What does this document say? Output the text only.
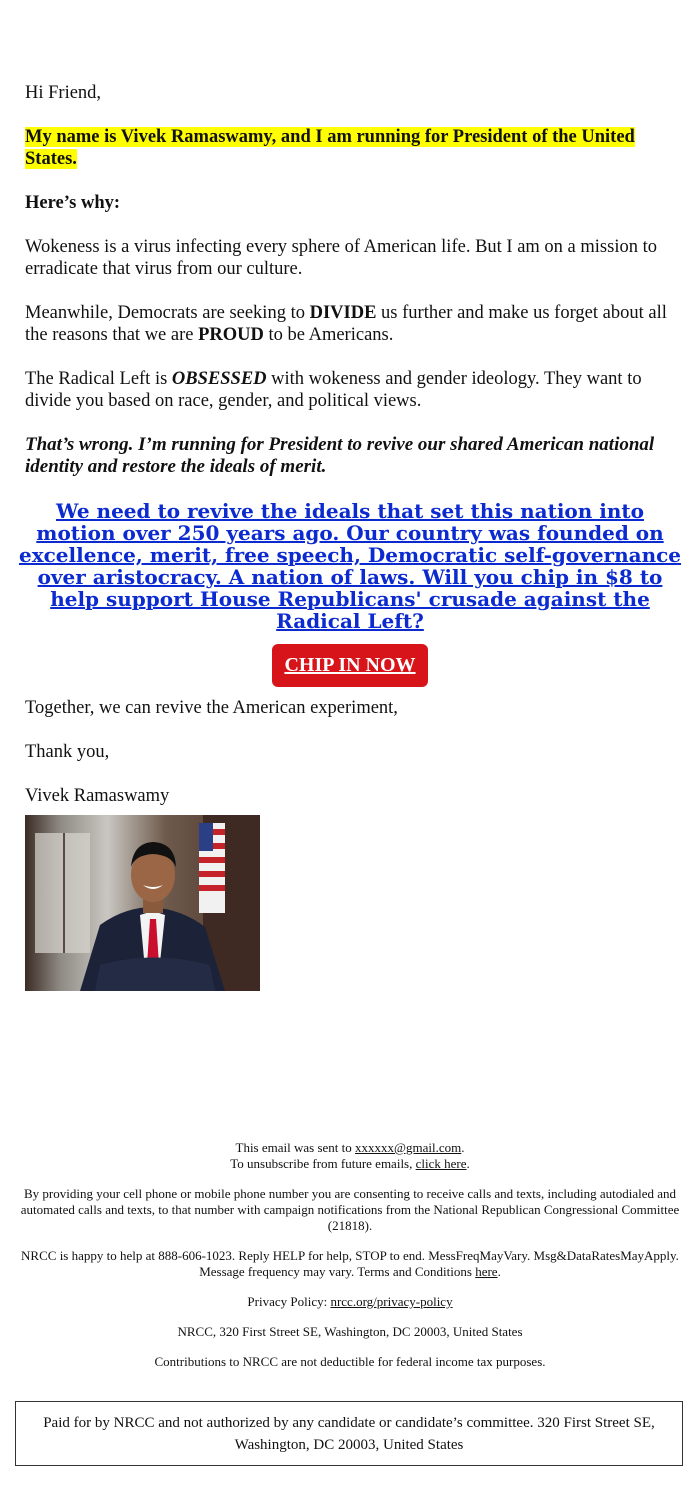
Hi Friend,

My name is Vivek Ramaswamy, and I am running for President of the United States.

Here’s why:

Wokeness is a virus infecting every sphere of American life. But I am on a mission to erradicate that virus from our culture.

Meanwhile, Democrats are seeking to DIVIDE us further and make us forget about all the reasons that we are PROUD to be Americans.

The Radical Left is OBSESSED with wokeness and gender ideology. They want to divide you based on race, gender, and political views.

That’s wrong. I’m running for President to revive our shared American national identity and restore the ideals of merit.

We need to revive the ideals that set this nation into motion over 250 years ago. Our country was founded on excellence, merit, free speech, Democratic self-governance over aristocracy. A nation of laws. Will you chip in $8 to help support House Republicans' crusade against the Radical Left?
CHIP IN NOW

Together, we can revive the American experiment,

Thank you,

Vivek Ramaswamy

This email was sent to xxxxxx@gmail.com.
To unsubscribe from future emails, click here.

By providing your cell phone or mobile phone number you are consenting to receive calls and texts, including autodialed and automated calls and texts, to that number with campaign notifications from the National Republican Congressional Committee (21818).

NRCC is happy to help at 888-606-1023. Reply HELP for help, STOP to end. MessFreqMayVary. Msg&DataRatesMayApply. Message frequency may vary. Terms and Conditions here.

Privacy Policy: nrcc.org/privacy-policy

NRCC, 320 First Street SE, Washington, DC 20003, United States

Contributions to NRCC are not deductible for federal income tax purposes.

Paid for by NRCC and not authorized by any candidate or candidate’s committee. 320 First Street SE, Washington, DC 20003, United States
